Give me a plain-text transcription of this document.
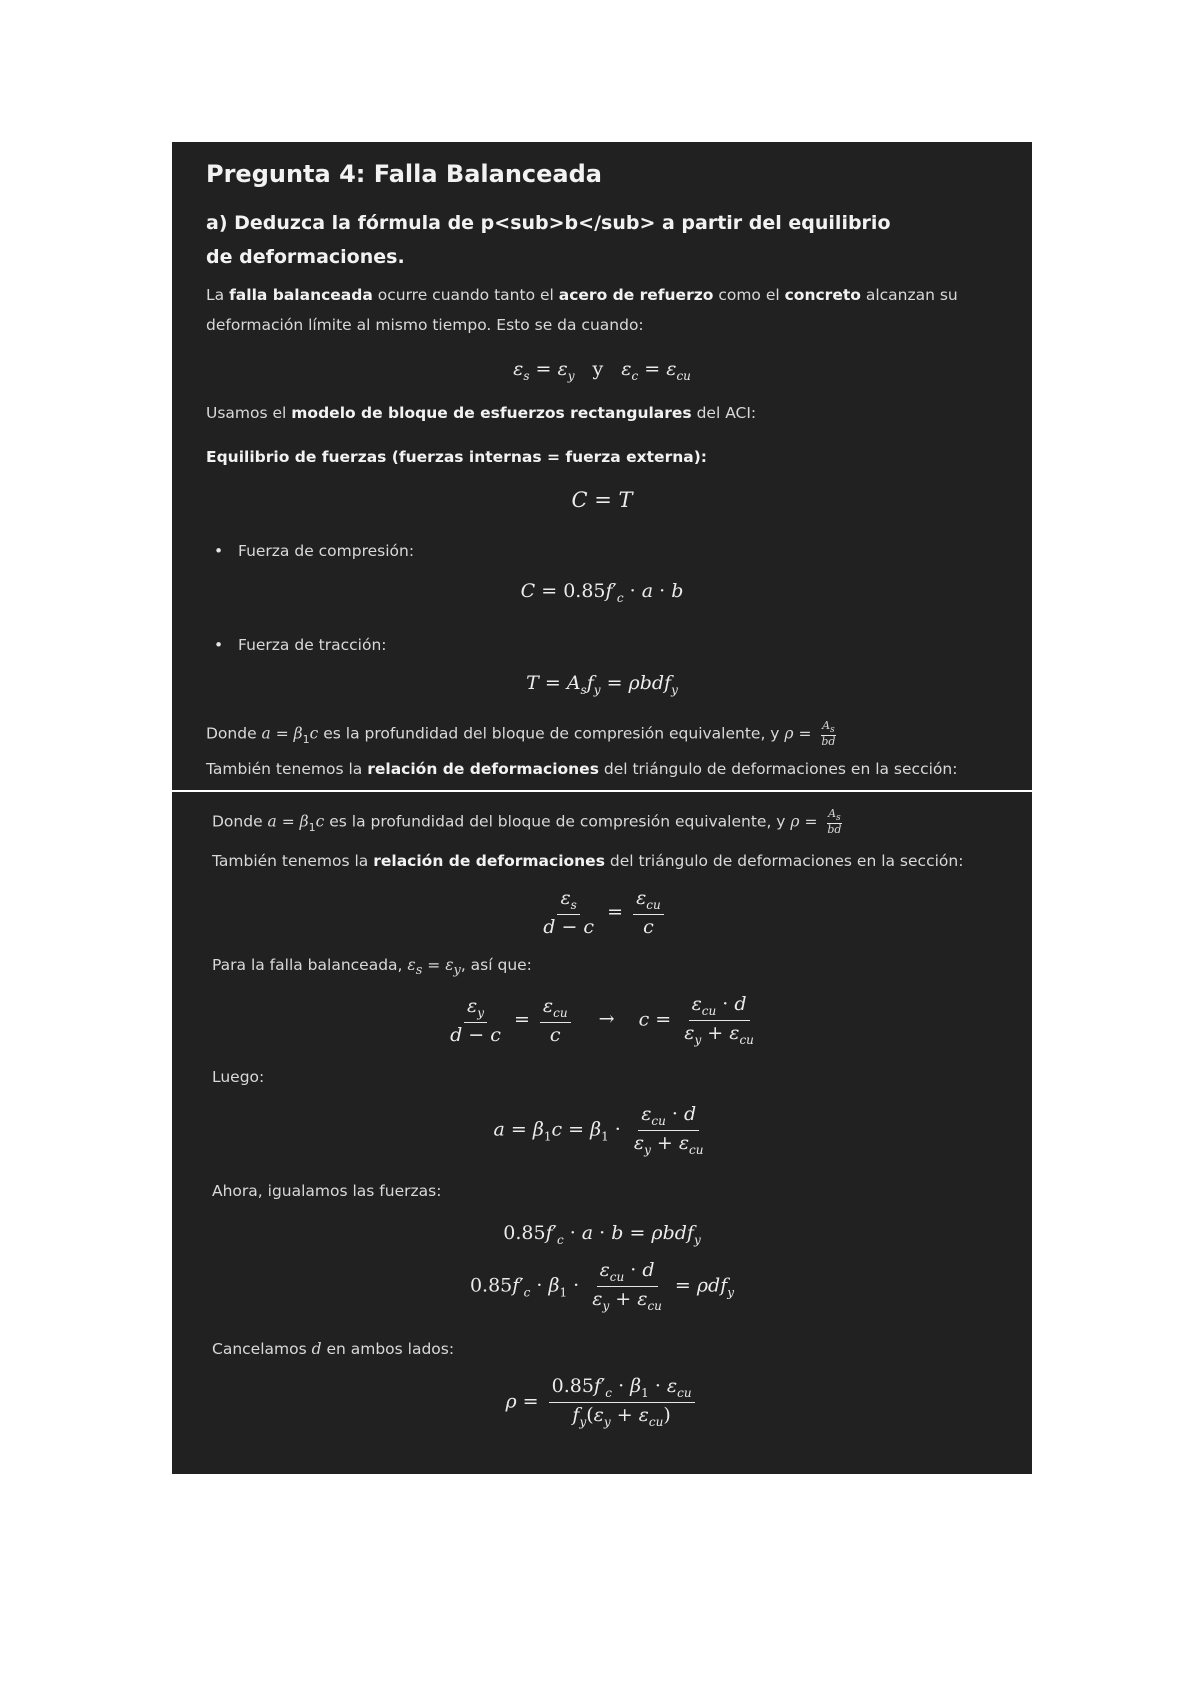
Pregunta 4: Falla Balanceada
a) Deduzca la fórmula de p<sub>b</sub> a partir del equilibrio de deformaciones.
La falla balanceada ocurre cuando tanto el acero de refuerzo como el concreto alcanzan su deformación límite al mismo tiempo. Esto se da cuando:
$\varepsilon_s = \varepsilon_y$ y $\varepsilon_c = \varepsilon_{cu}$
Usamos el modelo de bloque de esfuerzos rectangulares del ACI:
Equilibrio de fuerzas (fuerzas internas = fuerza externa):
C = T
• Fuerza de compresión:
$C = 0.85f'_c \cdot a \cdot b$
• Fuerza de tracción:
$T = A_sf_y = \rho bdf_y$
Donde $a = \beta_1c$ es la profundidad del bloque de compresión equivalente, y $\rho = \frac{A_s}{bd}$
También tenemos la relación de deformaciones del triángulo de deformaciones en la sección:
Donde $a = \beta_1c$ es la profundidad del bloque de compresión equivalente, y $\rho = \frac{A_s}{bd}$
También tenemos la relación de deformaciones del triángulo de deformaciones en la sección:
$\frac{\varepsilon_s}{d - c} = \frac{\varepsilon_{cu}}{c}$
Para la falla balanceada, $\varepsilon_s = \varepsilon_y$, así que:
$\frac{\varepsilon_y}{d - c} = \frac{\varepsilon_{cu}}{c} \to c = \frac{\varepsilon_{cu} \cdot d}{\varepsilon_y + \varepsilon_{cu}}$
Luego:
$a = \beta_1c = \beta_1 \cdot \frac{\varepsilon_{cu} \cdot d}{\varepsilon_y + \varepsilon_{cu}}$
Ahora, igualamos las fuerzas:
$0.85f'_c \cdot a \cdot b = \rho bdf_y$
$0.85f'_c \cdot \beta_1 \cdot \frac{\varepsilon_{cu} \cdot d}{\varepsilon_y + \varepsilon_{cu}} = \rho df_y$
Cancelamos d en ambos lados:
$\rho = \frac{0.85f'_c \cdot \beta_1 \cdot \varepsilon_{cu}}{f_y(\varepsilon_y + \varepsilon_{cu})}$
